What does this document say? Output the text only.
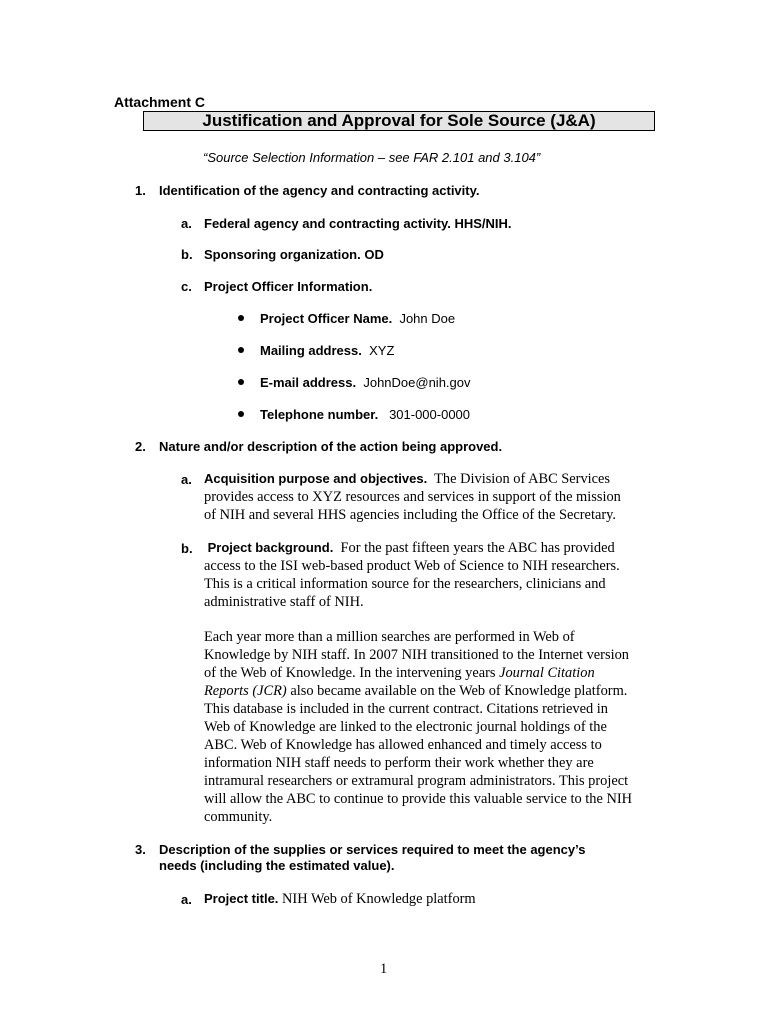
Attachment C
Justification and Approval for Sole Source (J&A)
“Source Selection Information – see FAR 2.101 and 3.104”
1. Identification of the agency and contracting activity.
a. Federal agency and contracting activity. HHS/NIH.
b. Sponsoring organization. OD
c. Project Officer Information.
Project Officer Name. John Doe
Mailing address. XYZ
E-mail address. JohnDoe@nih.gov
Telephone number. 301-000-0000
2. Nature and/or description of the action being approved.
a. Acquisition purpose and objectives. The Division of ABC Services
provides access to XYZ resources and services in support of the mission
of NIH and several HHS agencies including the Office of the Secretary.
b. Project background. For the past fifteen years the ABC has provided
access to the ISI web-based product Web of Science to NIH researchers.
This is a critical information source for the researchers, clinicians and
administrative staff of NIH.
Each year more than a million searches are performed in Web of
Knowledge by NIH staff. In 2007 NIH transitioned to the Internet version
of the Web of Knowledge. In the intervening years Journal Citation
Reports (JCR) also became available on the Web of Knowledge platform.
This database is included in the current contract. Citations retrieved in
Web of Knowledge are linked to the electronic journal holdings of the
ABC. Web of Knowledge has allowed enhanced and timely access to
information NIH staff needs to perform their work whether they are
intramural researchers or extramural program administrators. This project
will allow the ABC to continue to provide this valuable service to the NIH
community.
3. Description of the supplies or services required to meet the agency’s
needs (including the estimated value).
a. Project title. NIH Web of Knowledge platform
1
